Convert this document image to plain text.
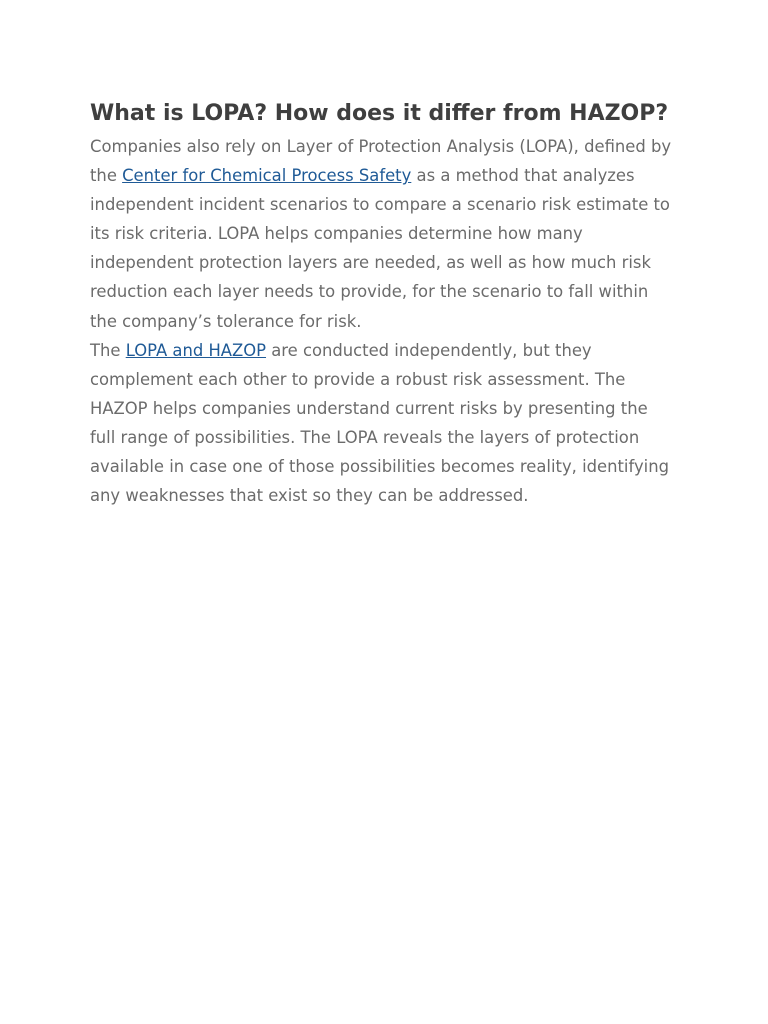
What is LOPA? How does it differ from HAZOP?

Companies also rely on Layer of Protection Analysis (LOPA), defined by the Center for Chemical Process Safety as a method that analyzes independent incident scenarios to compare a scenario risk estimate to its risk criteria. LOPA helps companies determine how many independent protection layers are needed, as well as how much risk reduction each layer needs to provide, for the scenario to fall within the company’s tolerance for risk.

The LOPA and HAZOP are conducted independently, but they complement each other to provide a robust risk assessment. The HAZOP helps companies understand current risks by presenting the full range of possibilities. The LOPA reveals the layers of protection available in case one of those possibilities becomes reality, identifying any weaknesses that exist so they can be addressed.
